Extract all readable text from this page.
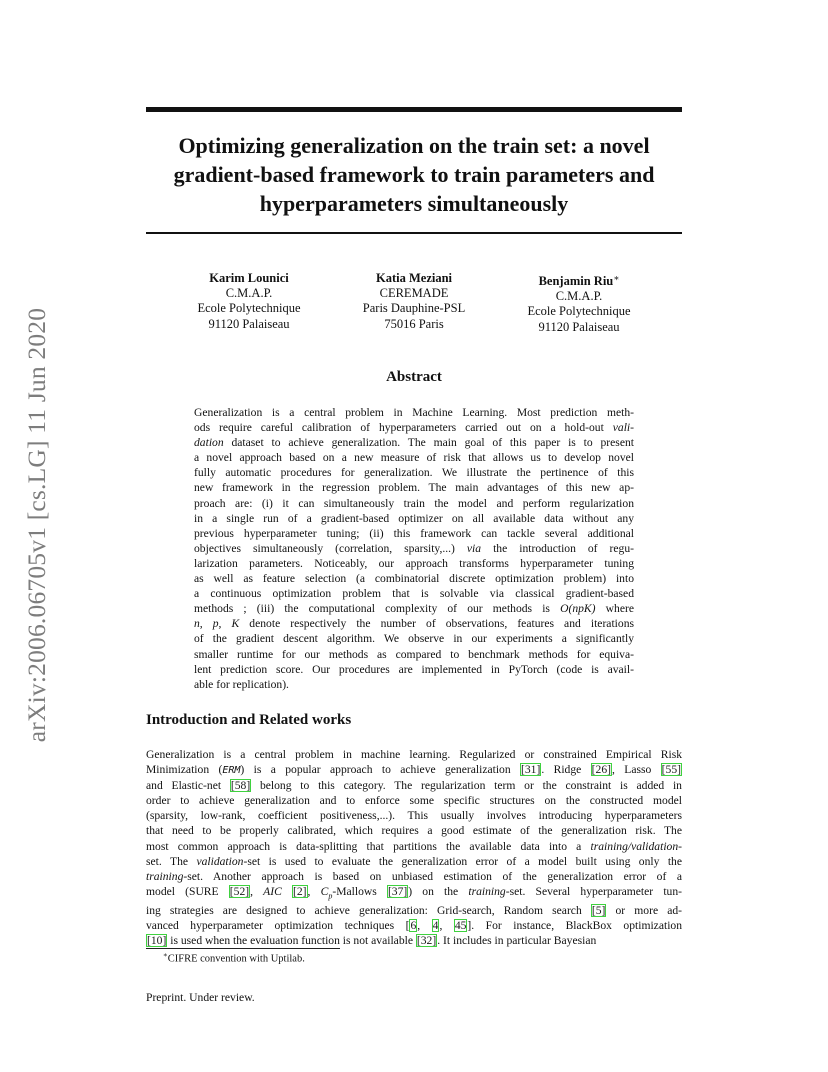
arXiv:2006.06705v1 [cs.LG] 11 Jun 2020
Optimizing generalization on the train set: a novel
gradient-based framework to train parameters and
hyperparameters simultaneously
Karim Lounici
C.M.A.P.
Ecole Polytechnique
91120 Palaiseau
Katia Meziani
CEREMADE
Paris Dauphine-PSL
75016 Paris
Benjamin Riu∗
C.M.A.P.
Ecole Polytechnique
91120 Palaiseau
Abstract
Generalization is a central problem in Machine Learning. Most prediction meth-
ods require careful calibration of hyperparameters carried out on a hold-out vali-
dation dataset to achieve generalization. The main goal of this paper is to present
a novel approach based on a new measure of risk that allows us to develop novel
fully automatic procedures for generalization. We illustrate the pertinence of this
new framework in the regression problem. The main advantages of this new ap-
proach are: (i) it can simultaneously train the model and perform regularization
in a single run of a gradient-based optimizer on all available data without any
previous hyperparameter tuning; (ii) this framework can tackle several additional
objectives simultaneously (correlation, sparsity,...) via the introduction of regu-
larization parameters. Noticeably, our approach transforms hyperparameter tuning
as well as feature selection (a combinatorial discrete optimization problem) into
a continuous optimization problem that is solvable via classical gradient-based
methods ; (iii) the computational complexity of our methods is O(npK) where
n, p, K denote respectively the number of observations, features and iterations
of the gradient descent algorithm. We observe in our experiments a significantly
smaller runtime for our methods as compared to benchmark methods for equiva-
lent prediction score. Our procedures are implemented in PyTorch (code is avail-
able for replication).
Introduction and Related works
Generalization is a central problem in machine learning. Regularized or constrained Empirical Risk
Minimization (ERM) is a popular approach to achieve generalization [31]. Ridge [26], Lasso [55]
and Elastic-net [58] belong to this category. The regularization term or the constraint is added in
order to achieve generalization and to enforce some specific structures on the constructed model
(sparsity, low-rank, coefficient positiveness,...). This usually involves introducing hyperparameters
that need to be properly calibrated, which requires a good estimate of the generalization risk. The
most common approach is data-splitting that partitions the available data into a training/validation-
set. The validation-set is used to evaluate the generalization error of a model built using only the
training-set. Another approach is based on unbiased estimation of the generalization error of a
model (SURE [52], AIC [2], $C_p$-Mallows [37]) on the training-set. Several hyperparameter tun-
ing strategies are designed to achieve generalization: Grid-search, Random search [5] or more ad-
vanced hyperparameter optimization techniques [6, 4, 45]. For instance, BlackBox optimization
[10] is used when the evaluation function is not available [32]. It includes in particular Bayesian
∗CIFRE convention with Uptilab.
Preprint. Under review.
